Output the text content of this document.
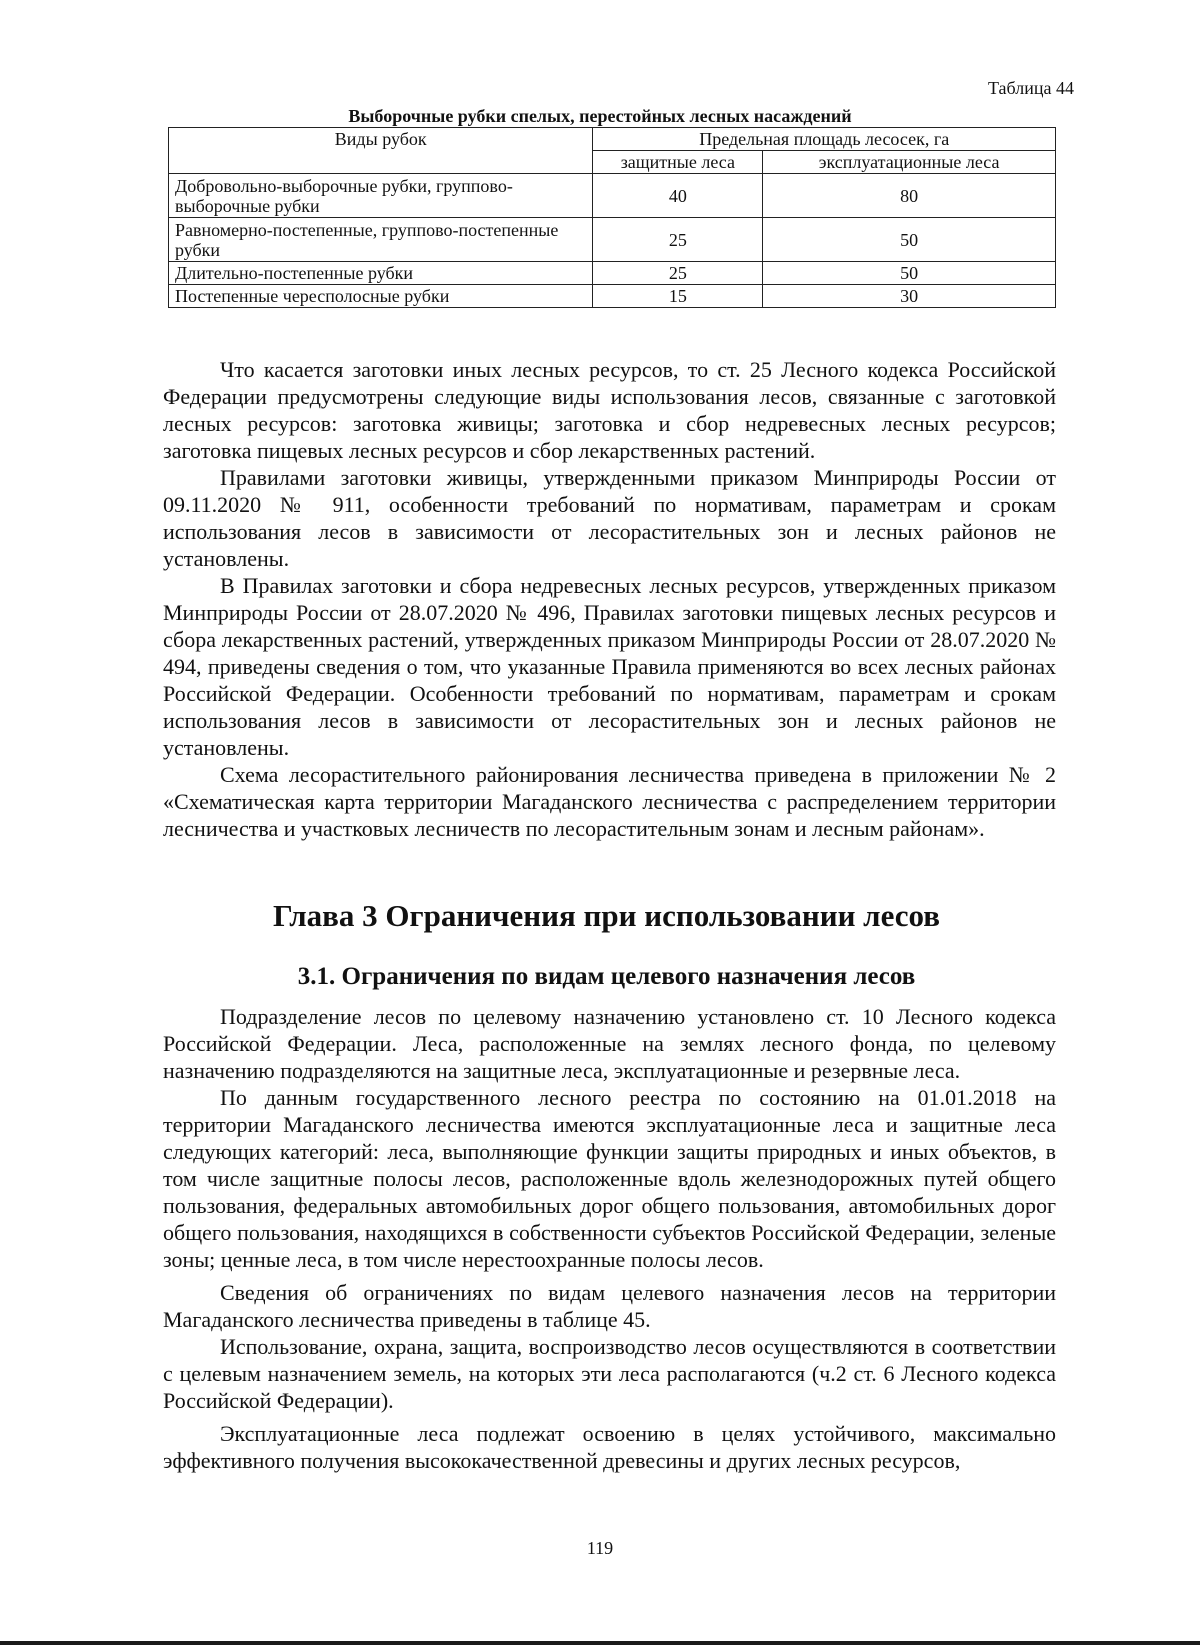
Таблица 44
Выборочные рубки спелых, перестойных лесных насаждений
Виды рубок	Предельная площадь лесосек, га	
	защитные леса	эксплуатационные леса
Добровольно-выборочные рубки, групповo-выборочные рубки	40	80
Равномерно-постепенные, группово-постепенные рубки	25	50
Длительно-постепенные рубки	25	50
Постепенные чересполосные рубки	15	30

Что касается заготовки иных лесных ресурсов, то ст. 25 Лесного кодекса Российской Федерации предусмотрены следующие виды использования лесов, связанные с заготовкой лесных ресурсов: заготовка живицы; заготовка и сбор недревесных лесных ресурсов; заготовка пищевых лесных ресурсов и сбор лекарственных растений.

Правилами заготовки живицы, утвержденными приказом Минприроды России от 09.11.2020 № 911, особенности требований по нормативам, параметрам и срокам использования лесов в зависимости от лесорастительных зон и лесных районов не установлены.

В Правилах заготовки и сбора недревесных лесных ресурсов, утвержденных приказом Минприроды России от 28.07.2020 № 496, Правилах заготовки пищевых лесных ресурсов и сбора лекарственных растений, утвержденных приказом Минприроды России от 28.07.2020 № 494, приведены сведения о том, что указанные Правила применяются во всех лесных районах Российской Федерации. Особенности требований по нормативам, параметрам и срокам использования лесов в зависимости от лесорастительных зон и лесных районов не установлены.

Схема лесорастительного районирования лесничества приведена в приложении № 2 «Схематическая карта территории Магаданского лесничества с распределением территории лесничества и участковых лесничеств по лесорастительным зонам и лесным районам».

Глава 3 Ограничения при использовании лесов
3.1. Ограничения по видам целевого назначения лесов

Подразделение лесов по целевому назначению установлено ст. 10 Лесного кодекса Российской Федерации. Леса, расположенные на землях лесного фонда, по целевому назначению подразделяются на защитные леса, эксплуатационные и резервные леса.

По данным государственного лесного реестра по состоянию на 01.01.2018 на территории Магаданского лесничества имеются эксплуатационные леса и защитные леса следующих категорий: леса, выполняющие функции защиты природных и иных объектов, в том числе защитные полосы лесов, расположенные вдоль железнодорожных путей общего пользования, федеральных автомобильных дорог общего пользования, автомобильных дорог общего пользования, находящихся в собственности субъектов Российской Федерации, зеленые зоны; ценные леса, в том числе нерестоохранные полосы лесов.

Сведения об ограничениях по видам целевого назначения лесов на территории Магаданского лесничества приведены в таблице 45.

Использование, охрана, защита, воспроизводство лесов осуществляются в соответствии с целевым назначением земель, на которых эти леса располагаются (ч.2 ст. 6 Лесного кодекса Российской Федерации).

Эксплуатационные леса подлежат освоению в целях устойчивого, максимально эффективного получения высококачественной древесины и других лесных ресурсов,

119
